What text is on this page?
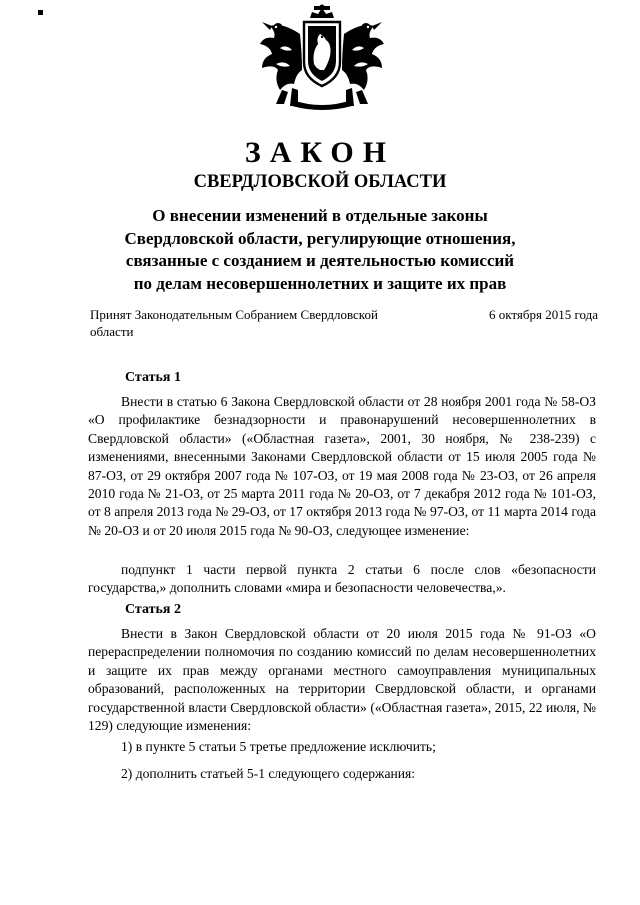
ЗАКОН
СВЕРДЛОВСКОЙ ОБЛАСТИ
О внесении изменений в отдельные законы Свердловской области, регулирующие отношения, связанные с созданием и деятельностью комиссий по делам несовершеннолетних и защите их прав
Принят Законодательным Собранием Свердловской области
6 октября 2015 года
Статья 1
Внести в статью 6 Закона Свердловской области от 28 ноября 2001 года № 58-ОЗ «О профилактике безнадзорности и правонарушений несовершеннолетних в Свердловской области» («Областная газета», 2001, 30 ноября, № 238-239) с изменениями, внесенными Законами Свердловской области от 15 июля 2005 года № 87-ОЗ, от 29 октября 2007 года № 107-ОЗ, от 19 мая 2008 года № 23-ОЗ, от 26 апреля 2010 года № 21-ОЗ, от 25 марта 2011 года № 20-ОЗ, от 7 декабря 2012 года № 101-ОЗ, от 8 апреля 2013 года № 29-ОЗ, от 17 октября 2013 года № 97-ОЗ, от 11 марта 2014 года № 20-ОЗ и от 20 июля 2015 года № 90-ОЗ, следующее изменение:
подпункт 1 части первой пункта 2 статьи 6 после слов «безопасности государства,» дополнить словами «мира и безопасности человечества,».
Статья 2
Внести в Закон Свердловской области от 20 июля 2015 года № 91-ОЗ «О перераспределении полномочия по созданию комиссий по делам несовершеннолетних и защите их прав между органами местного самоуправления муниципальных образований, расположенных на территории Свердловской области, и органами государственной власти Свердловской области» («Областная газета», 2015, 22 июля, № 129) следующие изменения:
1) в пункте 5 статьи 5 третье предложение исключить;
2) дополнить статьей 5-1 следующего содержания:
